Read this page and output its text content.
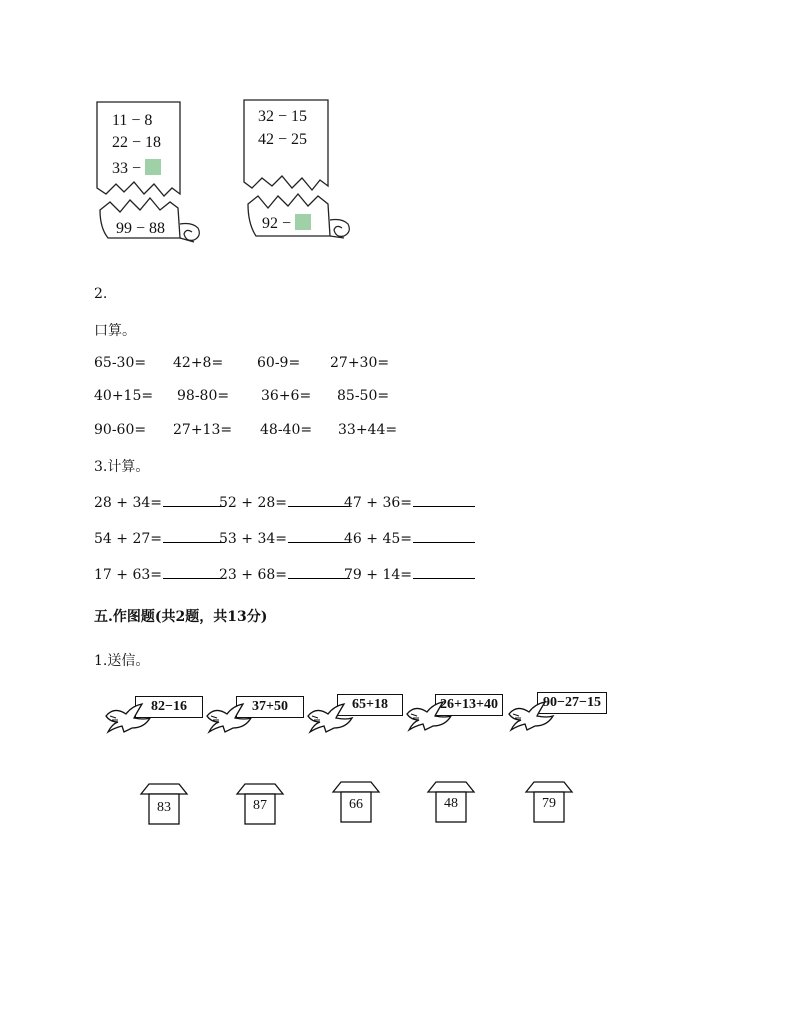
11 − 8
22 − 18
33 −
99 − 88
32 − 15
42 − 25
92 −
2.
口算。
65-30= 42+8= 60-9= 27+30=
40+15= 98-80= 36+6= 85-50=
90-60= 27+13= 48-40= 33+44=
3.计算。
28 + 34=	52 + 28=	47 + 36=
54 + 27=	53 + 34=	46 + 45=
17 + 63=	23 + 68=	79 + 14=
五.作图题(共2题，共13分)
1.送信。
82−16	37+50	65+18	26+13+40	90−27−15
83	87	66	48	79
